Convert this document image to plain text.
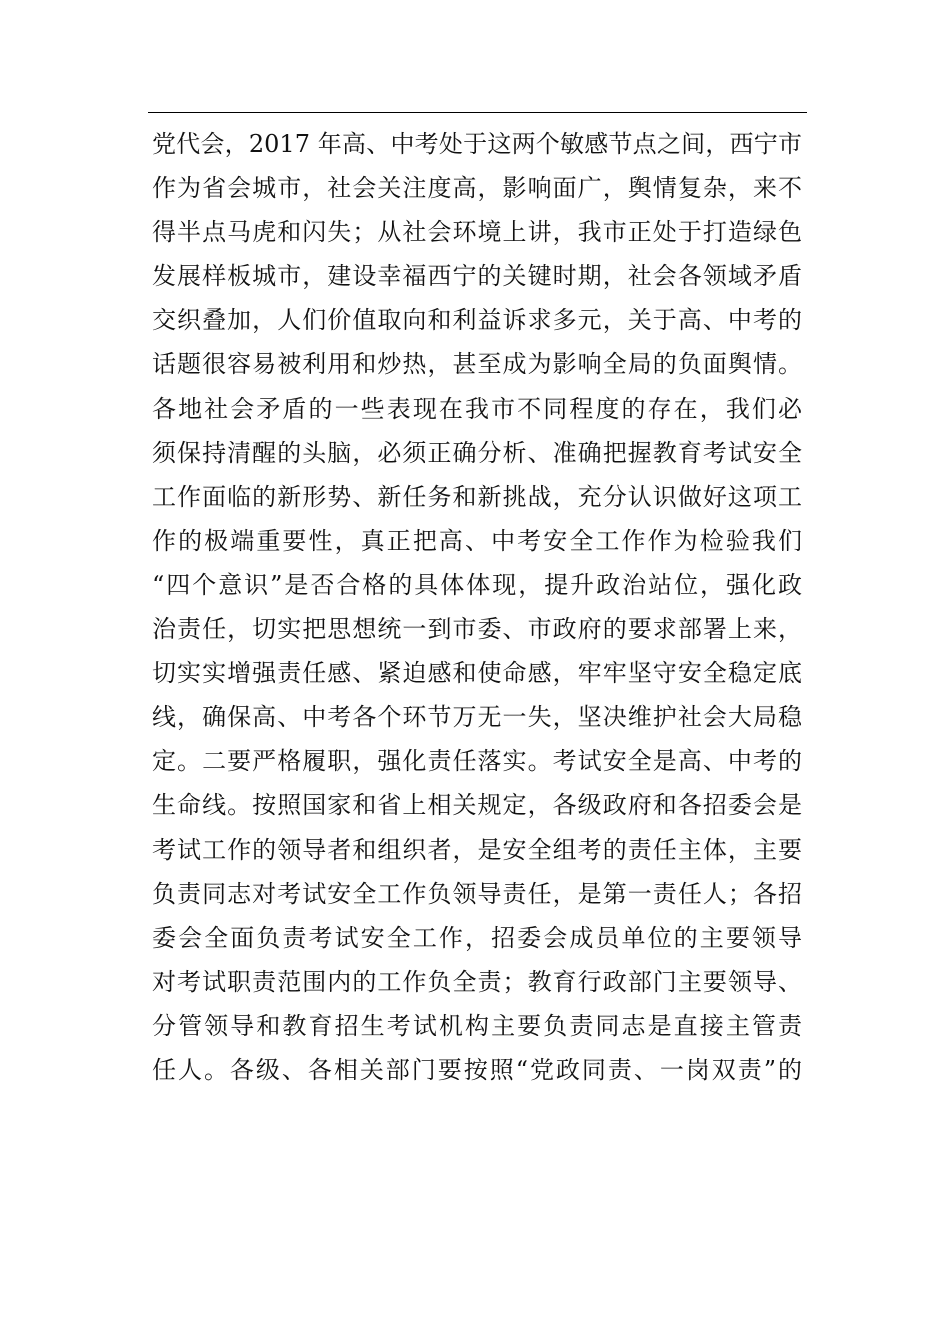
党代会，2017 年高、中考处于这两个敏感节点之间，西宁市
作为省会城市，社会关注度高，影响面广，舆情复杂，来不
得半点马虎和闪失；从社会环境上讲，我市正处于打造绿色
发展样板城市，建设幸福西宁的关键时期，社会各领域矛盾
交织叠加，人们价值取向和利益诉求多元，关于高、中考的
话题很容易被利用和炒热，甚至成为影响全局的负面舆情。
各地社会矛盾的一些表现在我市不同程度的存在，我们必
须保持清醒的头脑，必须正确分析、准确把握教育考试安全
工作面临的新形势、新任务和新挑战，充分认识做好这项工
作的极端重要性，真正把高、中考安全工作作为检验我们
“四个意识”是否合格的具体体现，提升政治站位，强化政
治责任，切实把思想统一到市委、市政府的要求部署上来，
切实实增强责任感、紧迫感和使命感，牢牢坚守安全稳定底
线，确保高、中考各个环节万无一失，坚决维护社会大局稳
定。二要严格履职，强化责任落实。考试安全是高、中考的
生命线。按照国家和省上相关规定，各级政府和各招委会是
考试工作的领导者和组织者，是安全组考的责任主体，主要
负责同志对考试安全工作负领导责任，是第一责任人；各招
委会全面负责考试安全工作，招委会成员单位的主要领导
对考试职责范围内的工作负全责；教育行政部门主要领导、
分管领导和教育招生考试机构主要负责同志是直接主管责
任人。各级、各相关部门要按照“党政同责、一岗双责”的
